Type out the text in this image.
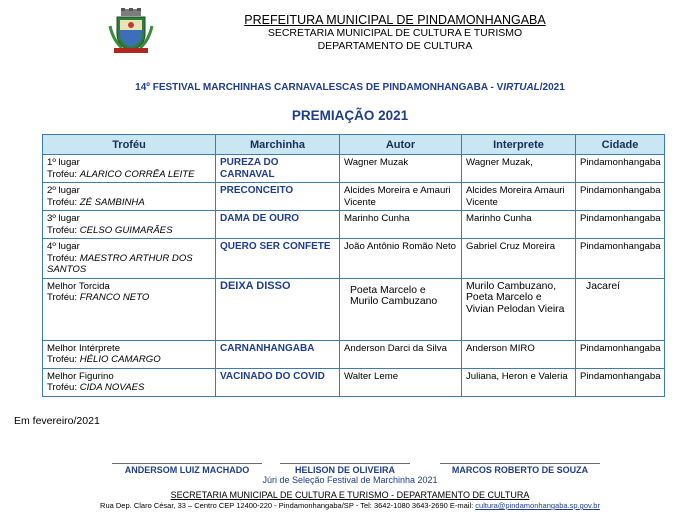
PREFEITURA MUNICIPAL DE PINDAMONHANGABA
SECRETARIA MUNICIPAL DE CULTURA E TURISMO
DEPARTAMENTO DE CULTURA
14º FESTIVAL MARCHINHAS CARNAVALESCAS DE PINDAMONHANGABA - VIRTUAL/2021
PREMIAÇÃO 2021
Troféu	Marchinha	Autor	Interprete	Cidade

1º lugar
Troféu: ALARICO CORRÊA LEITE	PUREZA DO CARNAVAL	Wagner Muzak	Wagner Muzak,	Pindamonhangaba

2º lugar
Troféu: ZÉ SAMBINHA	PRECONCEITO	Alcides Moreira e Amauri Vicente	Alcides Moreira Amauri Vicente	Pindamonhangaba

3º lugar
Troféu: CELSO GUIMARÃES	DAMA DE OURO	Marinho Cunha	Marinho Cunha	Pindamonhangaba

4º lugar
Troféu: MAESTRO ARTHUR DOS SANTOS	QUERO SER CONFETE	João Antônio Romão Neto	Gabriel Cruz Moreira	Pindamonhangaba

Melhor Torcida
Troféu: FRANCO NETO	DEIXA DISSO	Poeta Marcelo e Murilo Cambuzano	Murilo Cambuzano, Poeta Marcelo e Vivian Pelodan Vieira	Jacareí

Melhor Intérprete
Troféu: HÉLIO CAMARGO	CARNANHANGABA	Anderson Darci da Silva	Anderson MIRO	Pindamonhangaba

Melhor Figurino
Troféu: CIDA NOVAES	VACINADO DO COVID	Walter Leme	Juliana, Heron e Valeria	Pindamonhangaba
Em fevereiro/2021
ANDERSOM LUIZ MACHADO	HELISON DE OLIVEIRA	MARCOS ROBERTO DE SOUZA
Júri de Seleção Festival de Marchinha 2021
SECRETARIA MUNICIPAL DE CULTURA E TURISMO - DEPARTAMENTO DE CULTURA
Rua Dep. Claro César, 33 – Centro CEP 12400-220 - Pindamonhangaba/SP - Tel: 3642-1080 3643-2690 E-mail: cultura@pindamonhangaba.sp.gov.br
